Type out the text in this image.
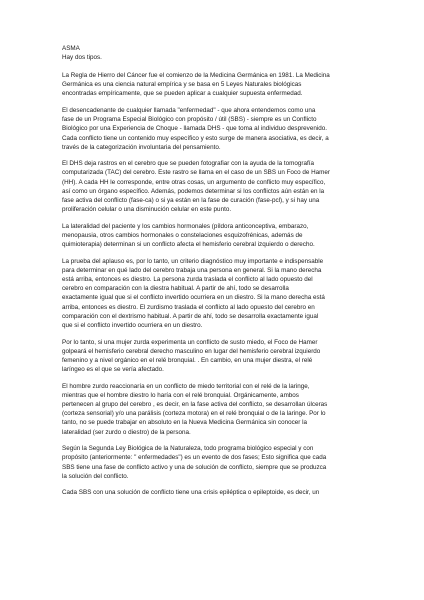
ASMA

Hay dos tipos.

La Regla de Hierro del Cáncer fue el comienzo de la Medicina Germánica en 1981. La Medicina

Germánica es una ciencia natural empírica y se basa en 5 Leyes Naturales biológicas

encontradas empíricamente, que se pueden aplicar a cualquier supuesta enfermedad.

El desencadenante de cualquier llamada "enfermedad" - que ahora entendemos como una

fase de un Programa Especial Biológico con propósito / útil (SBS) - siempre es un Conflicto

Biológico por una Experiencia de Choque - llamada DHS - que toma al individuo desprevenido.

Cada conflicto tiene un contenido muy específico y esto surge de manera asociativa, es decir, a

través de la categorización involuntaria del pensamiento.

El DHS deja rastros en el cerebro que se pueden fotografiar con la ayuda de la tomografía

computarizada (TAC) del cerebro. Este rastro se llama en el caso de un SBS un Foco de Hamer

(HH). A cada HH le corresponde, entre otras cosas, un argumento de conflicto muy específico,

así como un órgano específico. Además, podemos determinar si los conflictos aún están en la

fase activa del conflicto (fase-ca) o si ya están en la fase de curación (fase-pcl), y si hay una

proliferación celular o una disminución celular en este punto.

La lateralidad del paciente y los cambios hormonales (píldora anticonceptiva, embarazo,

menopausia, otros cambios hormonales o constelaciones esquizofrénicas, además de

quimioterapia) determinan si un conflicto afecta el hemisferio cerebral izquierdo o derecho.

La prueba del aplauso es, por lo tanto, un criterio diagnóstico muy importante e indispensable

para determinar en qué lado del cerebro trabaja una persona en general. Si la mano derecha

está arriba, entonces es diestro. La persona zurda traslada el conflicto al lado opuesto del

cerebro en comparación con la diestra habitual. A partir de ahí, todo se desarrolla

exactamente igual que si el conflicto invertido ocurriera en un diestro. Si la mano derecha está

arriba, entonces es diestro. El zurdismo traslada el conflicto al lado opuesto del cerebro en

comparación con el dextrismo habitual. A partir de ahí, todo se desarrolla exactamente igual

que si el conflicto invertido ocurriera en un diestro.

Por lo tanto, si una mujer zurda experimenta un conflicto de susto miedo, el Foco de Hamer

golpeará el hemisferio cerebral derecho masculino en lugar del hemisferio cerebral izquierdo

femenino y a nivel orgánico en el relé bronquial. . En cambio, en una mujer diestra, el relé

laríngeo es el que se vería afectado.

El hombre zurdo reaccionaría en un conflicto de miedo territorial con el relé de la laringe,

mientras que el hombre diestro lo haría con el relé bronquial. Orgánicamente, ambos

pertenecen al grupo del cerebro , es decir, en la fase activa del conflicto, se desarrollan úlceras

(corteza sensorial) y/o una parálisis (corteza motora) en el relé bronquial o de la laringe. Por lo

tanto, no se puede trabajar en absoluto en la Nueva Medicina Germánica sin conocer la

lateralidad (ser zurdo o diestro) de la persona.

Según la Segunda Ley Biológica de la Naturaleza, todo programa biológico especial y con

propósito (anteriormente: " enfermedades") es un evento de dos fases; Esto significa que cada

SBS tiene una fase de conflicto activo y una de solución de conflicto, siempre que se produzca

la solución del conflicto.

Cada SBS con una solución de conflicto tiene una crisis epiléptica o epileptoide, es decir, un
